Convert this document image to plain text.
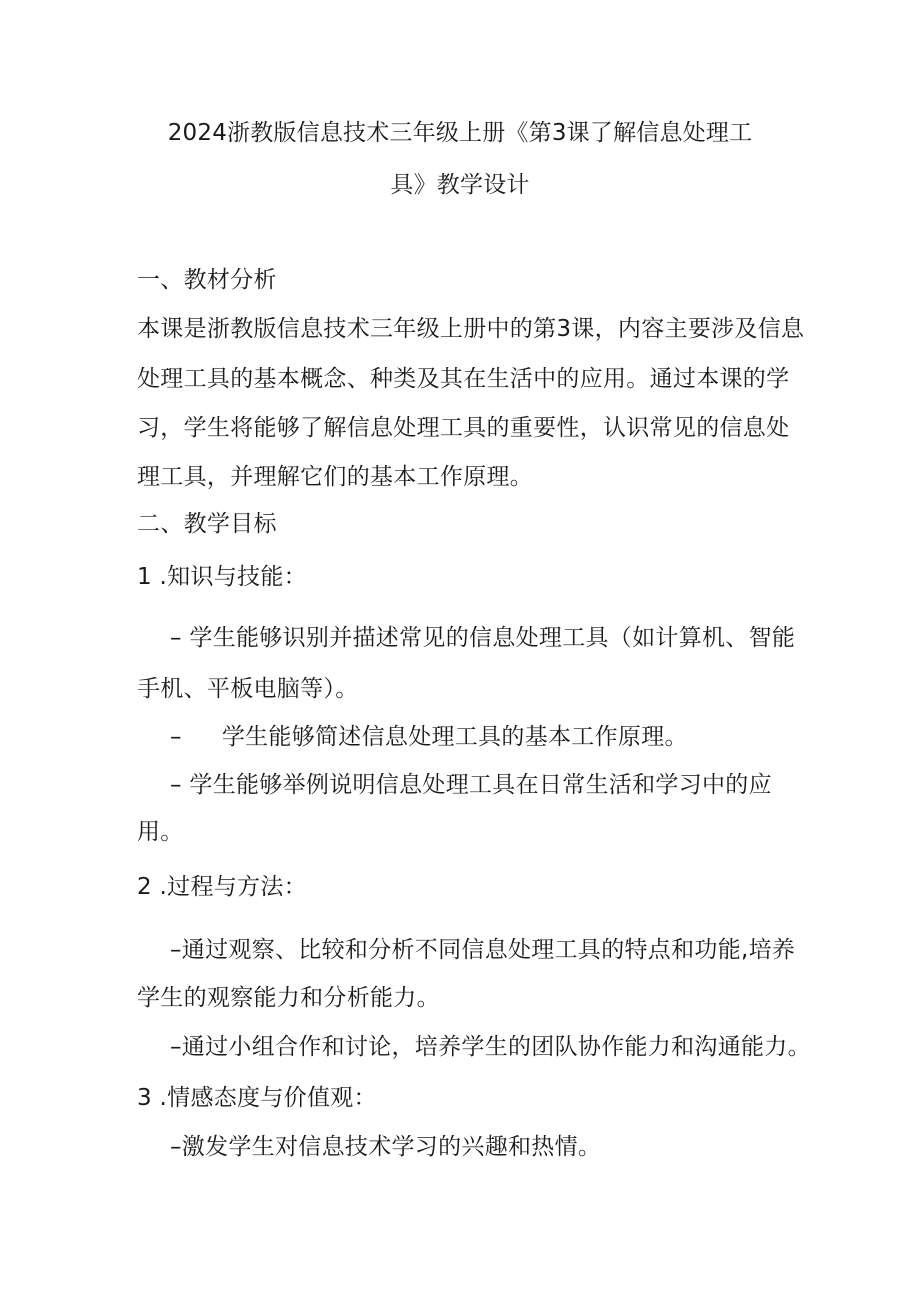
2024浙教版信息技术三年级上册《第3课了解信息处理工
具》教学设计
一、教材分析
本课是浙教版信息技术三年级上册中的第3课，内容主要涉及信息
处理工具的基本概念、种类及其在生活中的应用。通过本课的学
习，学生将能够了解信息处理工具的重要性，认识常见的信息处
理工具，并理解它们的基本工作原理。
二、教学目标
1 .知识与技能：
– 学生能够识别并描述常见的信息处理工具（如计算机、智能
手机、平板电脑等）。
– 学生能够简述信息处理工具的基本工作原理。
– 学生能够举例说明信息处理工具在日常生活和学习中的应
用。
2 .过程与方法：
–通过观察、比较和分析不同信息处理工具的特点和功能,培养
学生的观察能力和分析能力。
–通过小组合作和讨论，培养学生的团队协作能力和沟通能力。
3 .情感态度与价值观：
–激发学生对信息技术学习的兴趣和热情。
